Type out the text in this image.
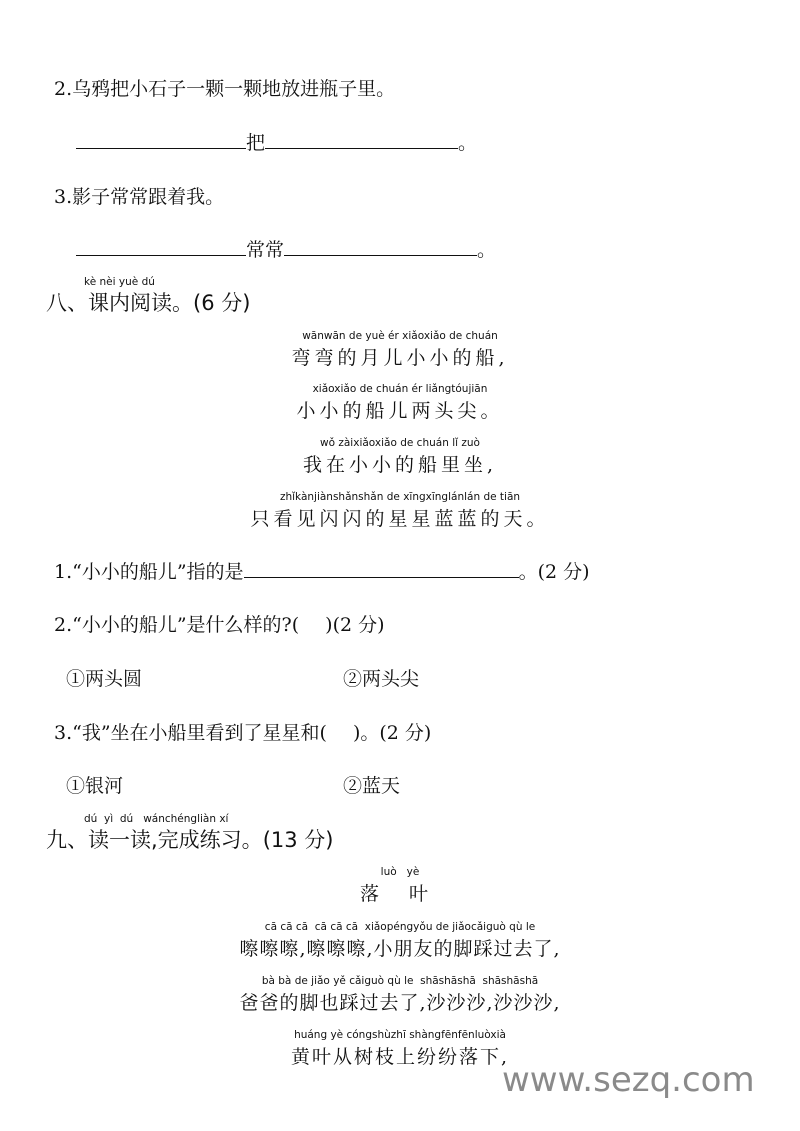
2.乌鸦把小石子一颗一颗地放进瓶子里。
把	。
3.影子常常跟着我。
常常	。
kè nèi yuè dú
八、课内阅读。(6 分)
wānwān de yuè ér xiǎoxiǎo de chuán
弯弯的月儿小小的船,
xiǎoxiǎo de chuán ér liǎngtóujiān
小小的船儿两头尖。
wǒ zàixiǎoxiǎo de chuán lǐ zuò
我在小小的船里坐,
zhǐkànjiànshǎnshǎn de xīngxīnglánlán de tiān
只看见闪闪的星星蓝蓝的天。
1.“小小的船儿”指的是	。(2 分)
2.“小小的船儿”是什么样的?( )(2 分)
①两头圆	②两头尖
3.“我”坐在小船里看到了星星和( )。(2 分)
①银河	②蓝天
dú yì dú wánchéngliàn xí
九、读一读,完成练习。(13 分)
luò   yè
落 叶
cā cā cā  cā cā cā  xiǎopéngyǒu de jiǎocǎiguò qù le
嚓嚓嚓,嚓嚓嚓,小朋友的脚踩过去了,
bà bà de jiǎo yě cǎiguò qù le  shāshāshā  shāshāshā
爸爸的脚也踩过去了,沙沙沙,沙沙沙,
huáng yè cóngshùzhī shàngfēnfēnluòxià
黄叶从树枝上纷纷落下,
www.sezq.com
